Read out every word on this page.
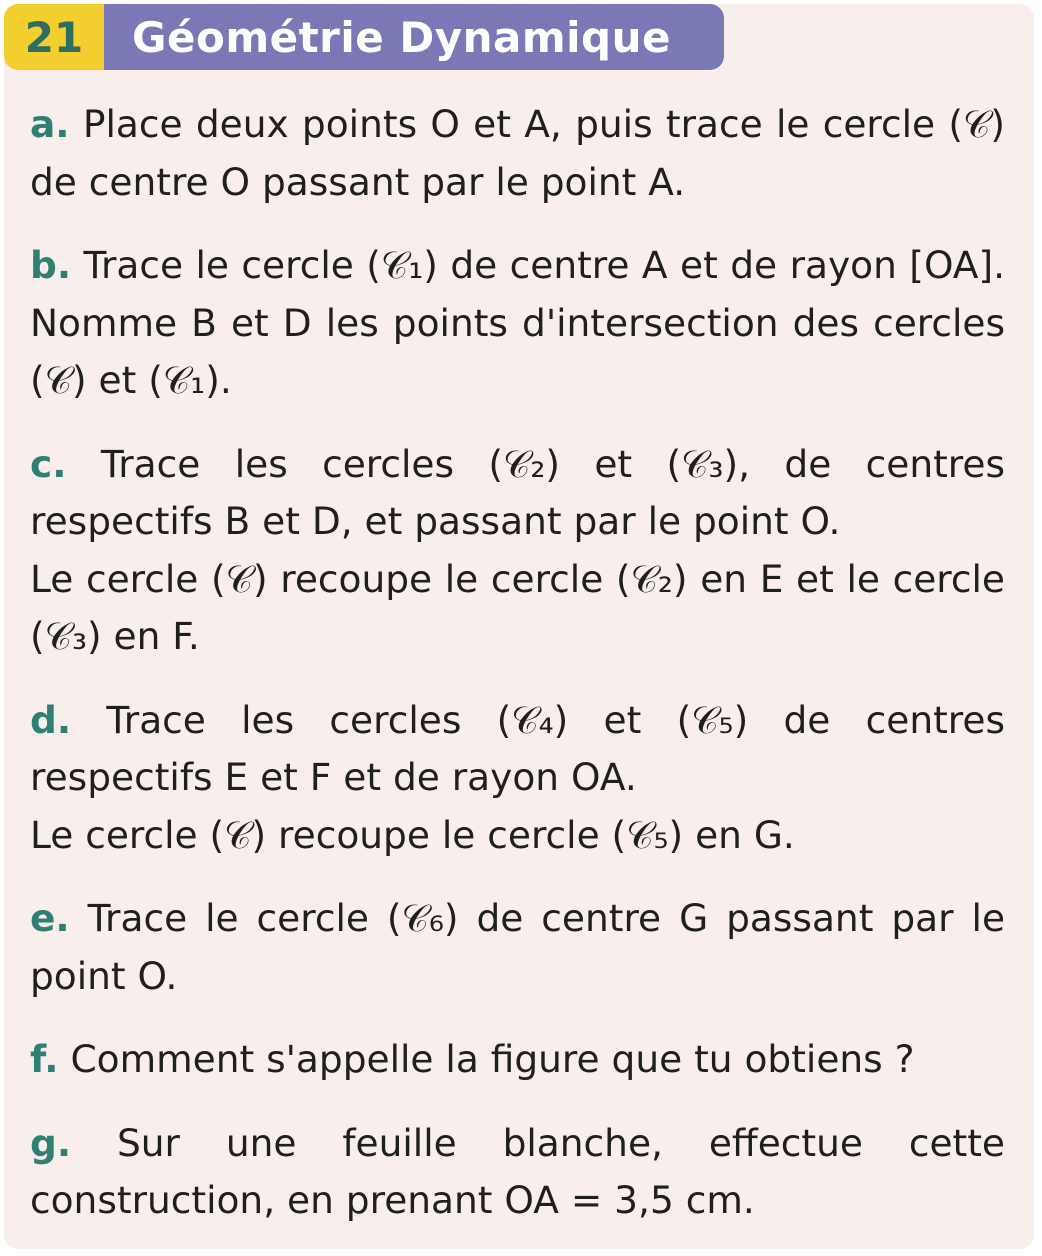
21	Géométrie Dynamique

a. Place deux points O et A, puis trace le cercle (𝒞) de centre O passant par le point A.

b. Trace le cercle (𝒞₁) de centre A et de rayon [OA]. Nomme B et D les points d'intersection des cercles (𝒞) et (𝒞₁).

c. Trace les cercles (𝒞₂) et (𝒞₃), de centres respectifs B et D, et passant par le point O.

Le cercle (𝒞) recoupe le cercle (𝒞₂) en E et le cercle (𝒞₃) en F.

d. Trace les cercles (𝒞₄) et (𝒞₅) de centres respectifs E et F et de rayon OA.

Le cercle (𝒞) recoupe le cercle (𝒞₅) en G.

e. Trace le cercle (𝒞₆) de centre G passant par le point O.

f. Comment s'appelle la figure que tu obtiens ?

g. Sur une feuille blanche, effectue cette construction, en prenant OA = 3,5 cm.
